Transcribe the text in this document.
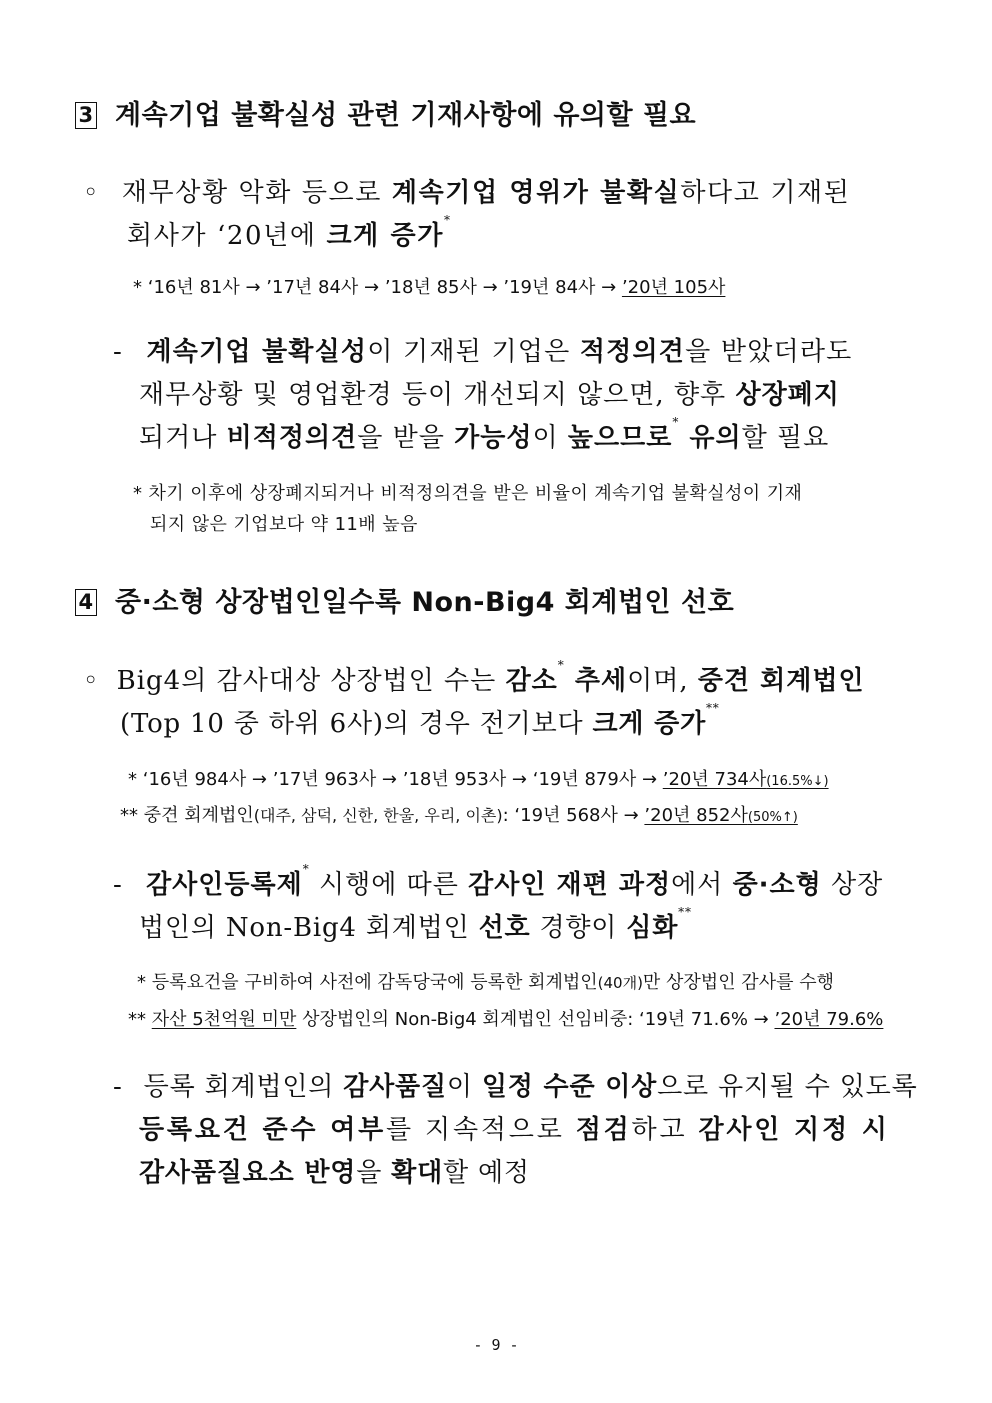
3 계속기업 불확실성 관련 기재사항에 유의할 필요
◦ 재무상황 악화 등으로 계속기업 영위가 불확실하다고 기재된
회사가 ‘20년에 크게 증가*
* ‘16년 81사 → ’17년 84사 → ’18년 85사 → ’19년 84사 → ’20년 105사
- 계속기업 불확실성이 기재된 기업은 적정의견을 받았더라도
재무상황 및 영업환경 등이 개선되지 않으면, 향후 상장폐지
되거나 비적정의견을 받을 가능성이 높으므로* 유의할 필요
* 차기 이후에 상장폐지되거나 비적정의견을 받은 비율이 계속기업 불확실성이 기재
되지 않은 기업보다 약 11배 높음
4 중·소형 상장법인일수록 Non-Big4 회계법인 선호
◦ Big4의 감사대상 상장법인 수는 감소* 추세이며, 중견 회계법인
(Top 10 중 하위 6사)의 경우 전기보다 크게 증가**
* ‘16년 984사 → ’17년 963사 → ’18년 953사 → ‘19년 879사 → ’20년 734사(16.5%↓)
** 중견 회계법인(대주, 삼덕, 신한, 한울, 우리, 이촌): ‘19년 568사 → ’20년 852사(50%↑)
- 감사인등록제* 시행에 따른 감사인 재편 과정에서 중·소형 상장
법인의 Non-Big4 회계법인 선호 경향이 심화**
* 등록요건을 구비하여 사전에 감독당국에 등록한 회계법인(40개)만 상장법인 감사를 수행
** 자산 5천억원 미만 상장법인의 Non-Big4 회계법인 선임비중: ‘19년 71.6% → ’20년 79.6%
- 등록 회계법인의 감사품질이 일정 수준 이상으로 유지될 수 있도록
등록요건 준수 여부를 지속적으로 점검하고 감사인 지정 시
감사품질요소 반영을 확대할 예정
- 9 -
